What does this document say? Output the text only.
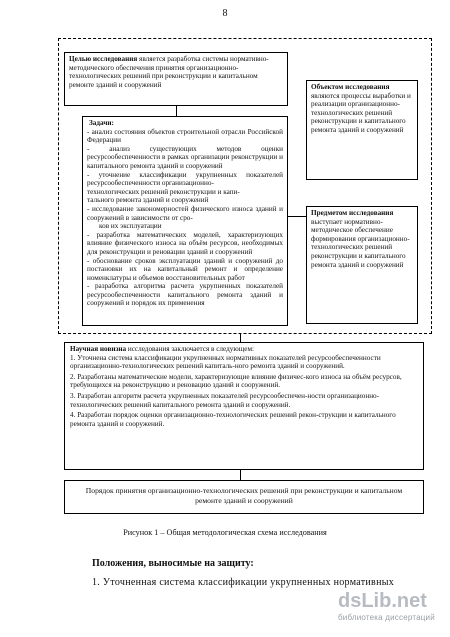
8
Целью исследования является разработка системы нормативно-методического обеспечения принятия организационно-технологических решений при реконструкции и капитальном ремонте зданий и сооружений
Задачи:
- анализ состояния объектов строительной отрасли Российской Федерации
- анализ существующих методов оценки ресурсообеспеченности в рамках организации реконструкции и капитального ремонта зданий и сооружений
- уточнение классификации укрупненных показателей ресурсообеспеченности организационно-
технологических решений реконструкции и капи-
тального ремонта зданий и сооружений
- исследование закономерностей физического износа зданий и сооружений в зависимости от сро-
ков их эксплуатации
- разработка математических моделей, характеризующих влияние физического износа на объём ресурсов, необходимых для реконструкции и реновации зданий и сооружений
- обоснование сроков эксплуатации зданий и сооружений до постановки их на капитальный ремонт и определение номенклатуры и объемов восстановительных работ
- разработка алгоритма расчета укрупненных показателей ресурсообеспеченности капитального ремонта зданий и сооружений и порядок их применения
Объектом исследования являются процессы выработки и реализации организационно-технологических решений реконструкции и капитального ремонта зданий и сооружений
Предметом исследования выступает нормативно-методическое обеспечение формирования организационно-технологических решений реконструкции и капитального ремонта зданий и сооружений
Научная новизна исследования заключается в следующем:
1. Уточнена система классификации укрупненных нормативных показателей ресурсообеспеченности организационно-технологических решений капиталь-ного ремонта зданий и сооружений.
2. Разработаны математические модели, характеризующие влияние физичес-кого износа на объём ресурсов, требующихся на реконструкцию и реновацию зданий и сооружений.
3. Разработан алгоритм расчета укрупненных показателей ресурсообеспечен-ности организационно-технологических решений капитального ремонта зданий и сооружений.
4. Разработан порядок оценки организационно-технологических решений рекон-струкции и капитального ремонта зданий и сооружений.
Порядок принятия организационно-технологических решений при реконструкции и капитальном ремонте зданий и сооружений
Рисунок 1 – Общая методологическая схема исследования
Положения, выносимые на защиту:
1. Уточненная система классификации укрупненных нормативных
dsLib.net
библиотека диссертаций
